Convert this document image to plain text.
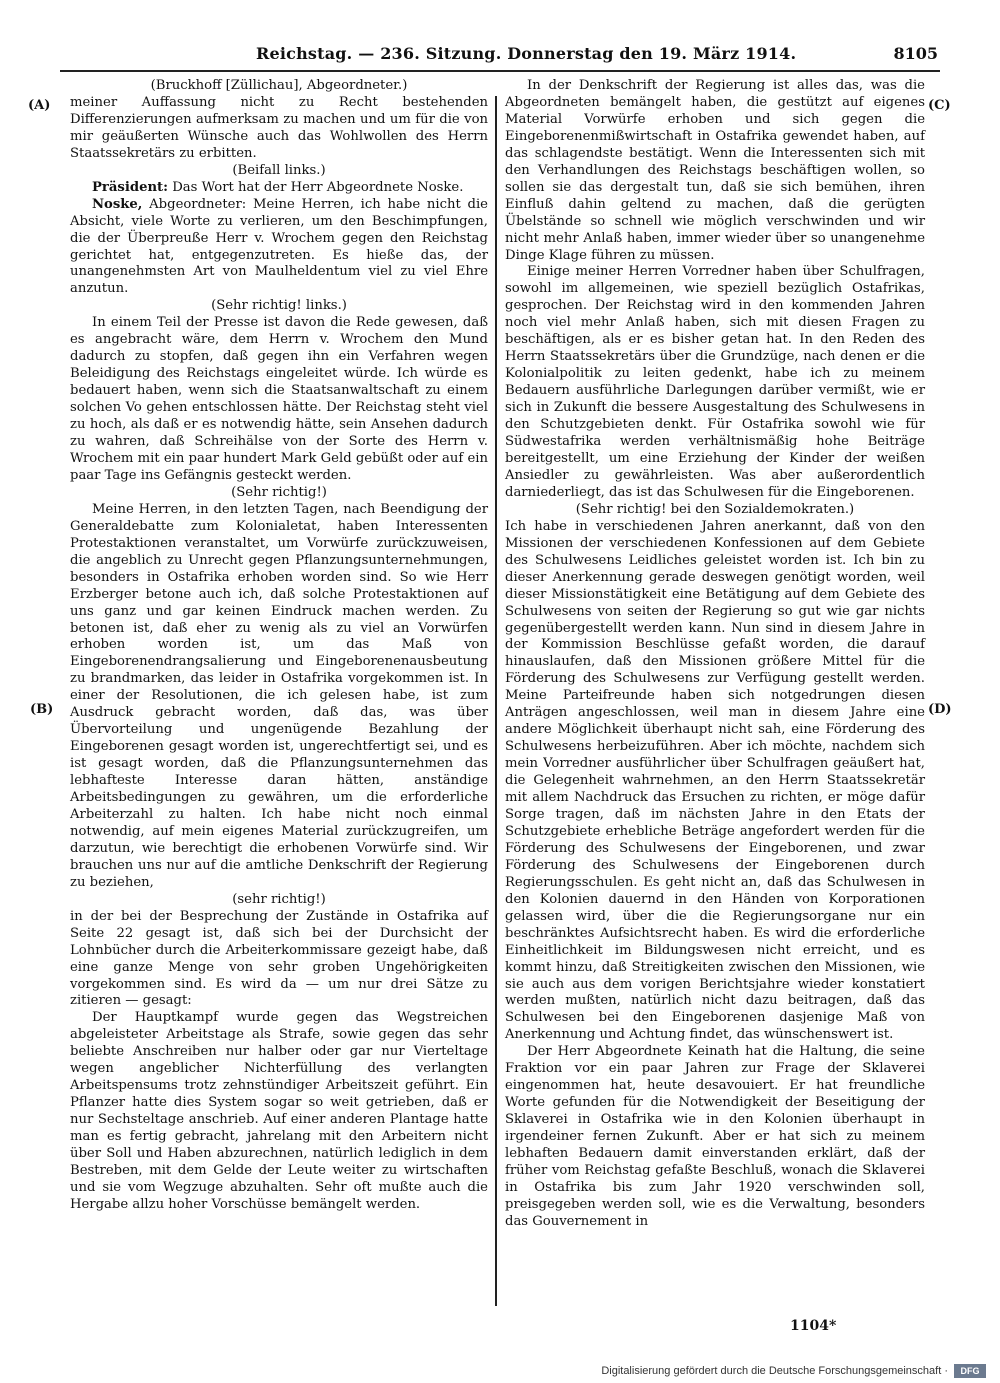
Reichstag. — 236. Sitzung. Donnerstag den 19. März 1914.	8105
(A)
(B)
(C)
(D)

(Bruckhoff [Züllichau], Abgeordneter.)

meiner Auffassung nicht zu Recht bestehenden Differenzierungen aufmerksam zu machen und um für die von mir geäußerten Wünsche auch das Wohlwollen des Herrn Staatssekretärs zu erbitten.

(Beifall links.)

Präsident: Das Wort hat der Herr Abgeordnete Noske.

Noske, Abgeordneter: Meine Herren, ich habe nicht die Absicht, viele Worte zu verlieren, um den Beschimpfungen, die der Überpreuße Herr v. Wrochem gegen den Reichstag gerichtet hat, entgegenzutreten. Es hieße das, der unangenehmsten Art von Maulheldentum viel zu viel Ehre anzutun.

(Sehr richtig! links.)

In einem Teil der Presse ist davon die Rede gewesen, daß es angebracht wäre, dem Herrn v. Wrochem den Mund dadurch zu stopfen, daß gegen ihn ein Verfahren wegen Beleidigung des Reichstags eingeleitet würde. Ich würde es bedauert haben, wenn sich die Staatsanwaltschaft zu einem solchen Vo gehen entschlossen hätte. Der Reichstag steht viel zu hoch, als daß er es notwendig hätte, sein Ansehen dadurch zu wahren, daß Schreihälse von der Sorte des Herrn v. Wrochem mit ein paar hundert Mark Geld gebüßt oder auf ein paar Tage ins Gefängnis gesteckt werden.

(Sehr richtig!)

Meine Herren, in den letzten Tagen, nach Beendigung der Generaldebatte zum Kolonialetat, haben Interessenten Protestaktionen veranstaltet, um Vorwürfe zurückzuweisen, die angeblich zu Unrecht gegen Pflanzungsunternehmungen, besonders in Ostafrika erhoben worden sind. So wie Herr Erzberger betone auch ich, daß solche Protestaktionen auf uns ganz und gar keinen Eindruck machen werden. Zu betonen ist, daß eher zu wenig als zu viel an Vorwürfen erhoben worden ist, um das Maß von Eingeborenendrangsalierung und Eingeborenenausbeutung zu brandmarken, das leider in Ostafrika vorgekommen ist. In einer der Resolutionen, die ich gelesen habe, ist zum Ausdruck gebracht worden, daß das, was über Übervorteilung und ungenügende Bezahlung der Eingeborenen gesagt worden ist, ungerechtfertigt sei, und es ist gesagt worden, daß die Pflanzungsunternehmen das lebhafteste Interesse daran hätten, anständige Arbeitsbedingungen zu gewähren, um die erforderliche Arbeiterzahl zu halten. Ich habe nicht noch einmal notwendig, auf mein eigenes Material zurückzugreifen, um darzutun, wie berechtigt die erhobenen Vorwürfe sind. Wir brauchen uns nur auf die amtliche Denkschrift der Regierung zu beziehen,

(sehr richtig!)

in der bei der Besprechung der Zustände in Ostafrika auf Seite 22 gesagt ist, daß sich bei der Durchsicht der Lohnbücher durch die Arbeiterkommissare gezeigt habe, daß eine ganze Menge von sehr groben Ungehörigkeiten vorgekommen sind. Es wird da — um nur drei Sätze zu zitieren — gesagt:

Der Hauptkampf wurde gegen das Wegstreichen abgeleisteter Arbeitstage als Strafe, sowie gegen das sehr beliebte Anschreiben nur halber oder gar nur Vierteltage wegen angeblicher Nichterfüllung des verlangten Arbeitspensums trotz zehnstündiger Arbeitszeit geführt. Ein Pflanzer hatte dies System sogar so weit getrieben, daß er nur Sechsteltage anschrieb. Auf einer anderen Plantage hatte man es fertig gebracht, jahrelang mit den Arbeitern nicht über Soll und Haben abzurechnen, natürlich lediglich in dem Bestreben, mit dem Gelde der Leute weiter zu wirtschaften und sie vom Wegzuge abzuhalten. Sehr oft mußte auch die Hergabe allzu hoher Vorschüsse bemängelt werden.

In der Denkschrift der Regierung ist alles das, was die Abgeordneten bemängelt haben, die gestützt auf eigenes Material Vorwürfe erhoben und sich gegen die Eingeborenenmißwirtschaft in Ostafrika gewendet haben, auf das schlagendste bestätigt. Wenn die Interessenten sich mit den Verhandlungen des Reichstags beschäftigen wollen, so sollen sie das dergestalt tun, daß sie sich bemühen, ihren Einfluß dahin geltend zu machen, daß die gerügten Übelstände so schnell wie möglich verschwinden und wir nicht mehr Anlaß haben, immer wieder über so unangenehme Dinge Klage führen zu müssen.

Einige meiner Herren Vorredner haben über Schulfragen, sowohl im allgemeinen, wie speziell bezüglich Ostafrikas, gesprochen. Der Reichstag wird in den kommenden Jahren noch viel mehr Anlaß haben, sich mit diesen Fragen zu beschäftigen, als er es bisher getan hat. In den Reden des Herrn Staatssekretärs über die Grundzüge, nach denen er die Kolonialpolitik zu leiten gedenkt, habe ich zu meinem Bedauern ausführliche Darlegungen darüber vermißt, wie er sich in Zukunft die bessere Ausgestaltung des Schulwesens in den Schutzgebieten denkt. Für Ostafrika sowohl wie für Südwestafrika werden verhältnismäßig hohe Beiträge bereitgestellt, um eine Erziehung der Kinder der weißen Ansiedler zu gewährleisten. Was aber außerordentlich darniederliegt, das ist das Schulwesen für die Eingeborenen.

(Sehr richtig! bei den Sozialdemokraten.)

Ich habe in verschiedenen Jahren anerkannt, daß von den Missionen der verschiedenen Konfessionen auf dem Gebiete des Schulwesens Leidliches geleistet worden ist. Ich bin zu dieser Anerkennung gerade deswegen genötigt worden, weil dieser Missionstätigkeit eine Betätigung auf dem Gebiete des Schulwesens von seiten der Regierung so gut wie gar nichts gegenübergestellt werden kann. Nun sind in diesem Jahre in der Kommission Beschlüsse gefaßt worden, die darauf hinauslaufen, daß den Missionen größere Mittel für die Förderung des Schulwesens zur Verfügung gestellt werden. Meine Parteifreunde haben sich notgedrungen diesen Anträgen angeschlossen, weil man in diesem Jahre eine andere Möglichkeit überhaupt nicht sah, eine Förderung des Schulwesens herbeizuführen. Aber ich möchte, nachdem sich mein Vorredner ausführlicher über Schulfragen geäußert hat, die Gelegenheit wahrnehmen, an den Herrn Staatssekretär mit allem Nachdruck das Ersuchen zu richten, er möge dafür Sorge tragen, daß im nächsten Jahre in den Etats der Schutzgebiete erhebliche Beträge angefordert werden für die Förderung des Schulwesens der Eingeborenen, und zwar Förderung des Schulwesens der Eingeborenen durch Regierungsschulen. Es geht nicht an, daß das Schulwesen in den Kolonien dauernd in den Händen von Korporationen gelassen wird, über die die Regierungsorgane nur ein beschränktes Aufsichtsrecht haben. Es wird die erforderliche Einheitlichkeit im Bildungswesen nicht erreicht, und es kommt hinzu, daß Streitigkeiten zwischen den Missionen, wie sie auch aus dem vorigen Berichtsjahre wieder konstatiert werden mußten, natürlich nicht dazu beitragen, daß das Schulwesen bei den Eingeborenen dasjenige Maß von Anerkennung und Achtung findet, das wünschenswert ist.

Der Herr Abgeordnete Keinath hat die Haltung, die seine Fraktion vor ein paar Jahren zur Frage der Sklaverei eingenommen hat, heute desavouiert. Er hat freundliche Worte gefunden für die Notwendigkeit der Beseitigung der Sklaverei in Ostafrika wie in den Kolonien überhaupt in irgendeiner fernen Zukunft. Aber er hat sich zu meinem lebhaften Bedauern damit einverstanden erklärt, daß der früher vom Reichstag gefaßte Beschluß, wonach die Sklaverei in Ostafrika bis zum Jahr 1920 verschwinden soll, preisgegeben werden soll, wie es die Verwaltung, besonders das Gouvernement in

1104*
Digitalisierung gefördert durch die Deutsche Forschungsgemeinschaft ·	DFG
